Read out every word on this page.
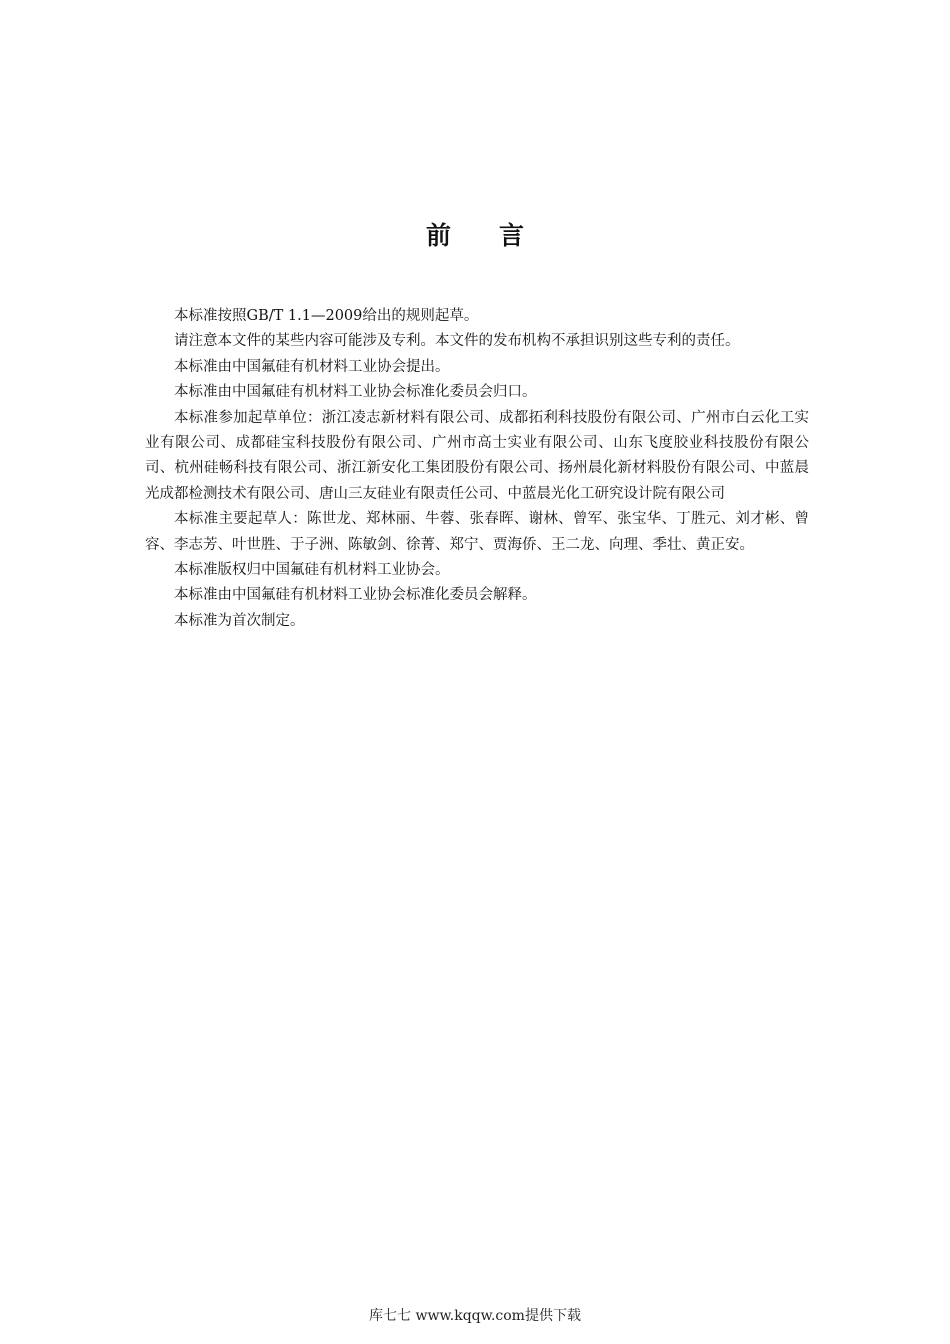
前言

本标准按照GB/T 1.1—2009给出的规则起草。

请注意本文件的某些内容可能涉及专利。本文件的发布机构不承担识别这些专利的责任。

本标准由中国氟硅有机材料工业协会提出。

本标准由中国氟硅有机材料工业协会标准化委员会归口。

本标准参加起草单位：浙江凌志新材料有限公司、成都拓利科技股份有限公司、广州市白云化工实业有限公司、成都硅宝科技股份有限公司、广州市高士实业有限公司、山东飞度胶业科技股份有限公司、杭州硅畅科技有限公司、浙江新安化工集团股份有限公司、扬州晨化新材料股份有限公司、中蓝晨光成都检测技术有限公司、唐山三友硅业有限责任公司、中蓝晨光化工研究设计院有限公司

本标准主要起草人：陈世龙、郑林丽、牛蓉、张春晖、谢林、曾军、张宝华、丁胜元、刘才彬、曾容、李志芳、叶世胜、于子洲、陈敏剑、徐菁、郑宁、贾海侨、王二龙、向理、季壮、黄正安。

本标准版权归中国氟硅有机材料工业协会。

本标准由中国氟硅有机材料工业协会标准化委员会解释。

本标准为首次制定。

库七七 www.kqqw.com提供下载
